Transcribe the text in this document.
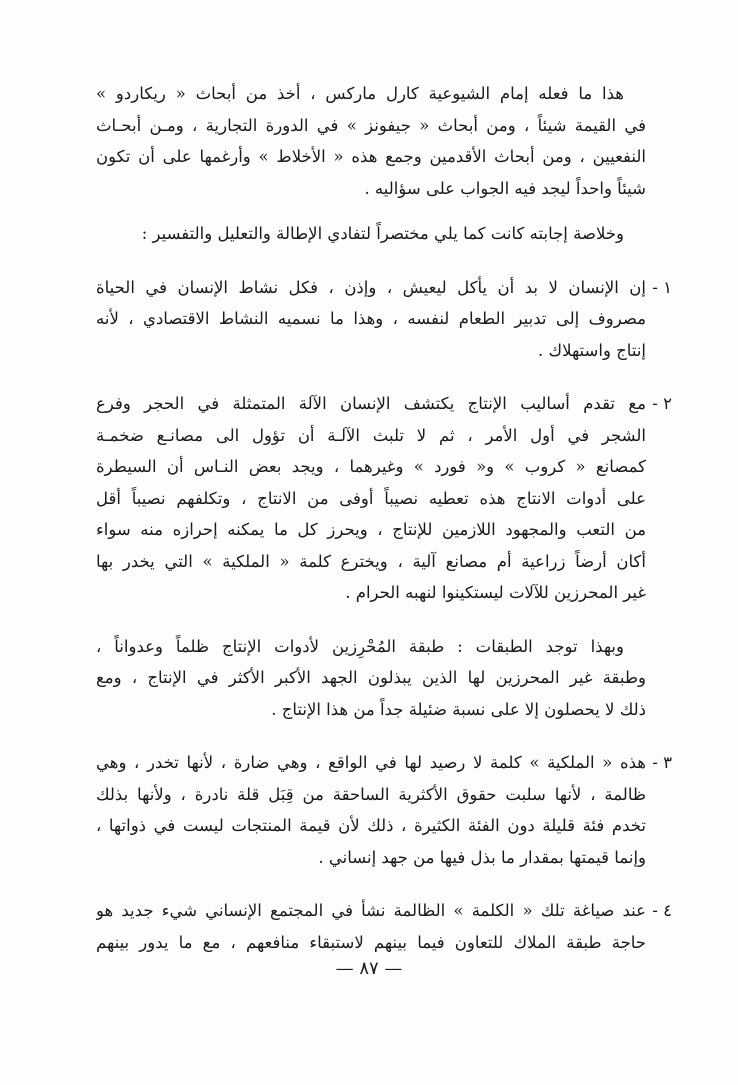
هذا ما فعله إمام الشيوعية كارل ماركس ، أخذ من أبحاث « ريكاردو »
في القيمة شيئاً ، ومن أبحاث « جيفونز » في الدورة التجارية ، ومـن أبحـاث
النفعيين ، ومن أبحاث الأقدمين وجمع هذه « الأخلاط » وأرغمها على أن تكون
شيئاً واحداً ليجد فيه الجواب على سؤاليه .
وخلاصة إجابته كانت كما يلي مختصراً لتفادي الإطالة والتعليل والتفسير :
١ -
إن الإنسان لا بد أن يأكل ليعيش ، وإذن ، فكل نشاط الإنسان في الحياة
مصروف إلى تدبير الطعام لنفسه ، وهذا ما نسميه النشاط الاقتصادي ، لأنه
إنتاج واستهلاك .
٢ -
مع تقدم أساليب الإنتاج يكتشف الإنسان الآلة المتمثلة في الحجر وفرع
الشجر في أول الأمر ، ثم لا تلبث الآلـة أن تؤول الى مصانـع ضخمـة
كمصانع « كروب » و« فورد » وغيرهما ، ويجد بعض النـاس أن السيطرة
على أدوات الانتاج هذه تعطيه نصيباً أوفى من الانتاج ، وتكلفهم نصيباً أقل
من التعب والمجهود اللازمين للإنتاج ، ويحرز كل ما يمكنه إحرازه منه سواء
أكان أرضاً زراعية أم مصانع آلية ، ويخترع كلمة « الملكية » التي يخدر بها
غير المحرزين للآلات ليستكينوا لنهبه الحرام .
وبهذا توجد الطبقات : طبقة المُحْرِزين لأدوات الإنتاج ظلماً وعدواناً ،
وطبقة غير المحرزين لها الذين يبذلون الجهد الأكبر الأكثر في الإنتاج ، ومع
ذلك لا يحصلون إلا على نسبة ضئيلة جداً من هذا الإنتاج .
٣ -
هذه « الملكية » كلمة لا رصيد لها في الواقع ، وهي ضارة ، لأنها تخدر ، وهي
ظالمة ، لأنها سلبت حقوق الأكثرية الساحقة من قِبَل قلة نادرة ، ولأنها بذلك
تخدم فئة قليلة دون الفئة الكثيرة ، ذلك لأن قيمة المنتجات ليست في ذواتها ،
وإنما قيمتها بمقدار ما بذل فيها من جهد إنساني .
٤ -
عند صياغة تلك « الكلمة » الظالمة نشأ في المجتمع الإنساني شيء جديد هو
حاجة طبقة الملاك للتعاون فيما بينهم لاستبقاء منافعهم ، مع ما يدور بينهم
— ٨٧ —
